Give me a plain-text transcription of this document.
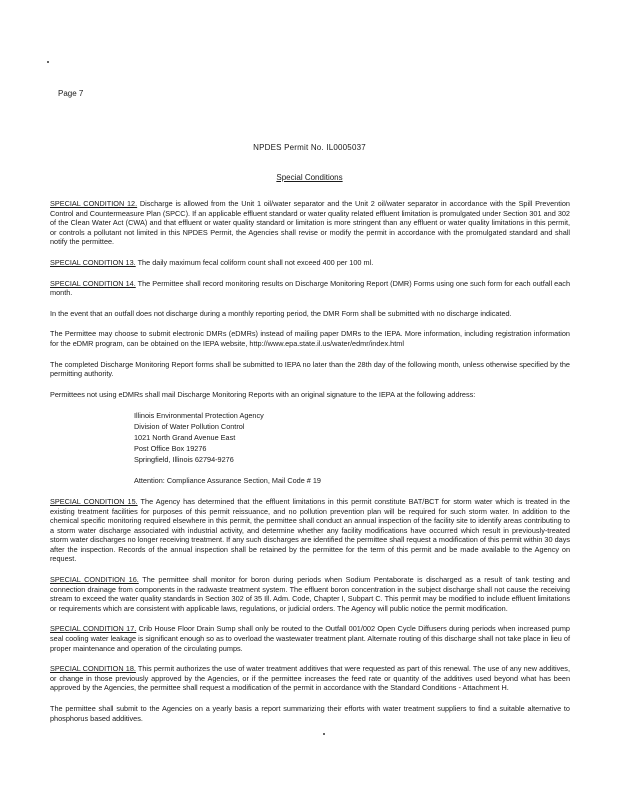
Page 7
NPDES Permit No. IL0005037
Special Conditions

SPECIAL CONDITION 12. Discharge is allowed from the Unit 1 oil/water separator and the Unit 2 oil/water separator in accordance with the Spill Prevention Control and Countermeasure Plan (SPCC). If an applicable effluent standard or water quality related effluent limitation is promulgated under Section 301 and 302 of the Clean Water Act (CWA) and that effluent or water quality standard or limitation is more stringent than any effluent or water quality limitations in this permit, or controls a pollutant not limited in this NPDES Permit, the Agencies shall revise or modify the permit in accordance with the promulgated standard and shall notify the permittee.

SPECIAL CONDITION 13. The daily maximum fecal coliform count shall not exceed 400 per 100 ml.

SPECIAL CONDITION 14. The Permittee shall record monitoring results on Discharge Monitoring Report (DMR) Forms using one such form for each outfall each month.

In the event that an outfall does not discharge during a monthly reporting period, the DMR Form shall be submitted with no discharge indicated.

The Permittee may choose to submit electronic DMRs (eDMRs) instead of mailing paper DMRs to the IEPA. More information, including registration information for the eDMR program, can be obtained on the IEPA website, http://www.epa.state.il.us/water/edmr/index.html

The completed Discharge Monitoring Report forms shall be submitted to IEPA no later than the 28th day of the following month, unless otherwise specified by the permitting authority.

Permittees not using eDMRs shall mail Discharge Monitoring Reports with an original signature to the IEPA at the following address:

Illinois Environmental Protection Agency
Division of Water Pollution Control
1021 North Grand Avenue East
Post Office Box 19276
Springfield, Illinois 62794-9276

Attention: Compliance Assurance Section, Mail Code # 19

SPECIAL CONDITION 15. The Agency has determined that the effluent limitations in this permit constitute BAT/BCT for storm water which is treated in the existing treatment facilities for purposes of this permit reissuance, and no pollution prevention plan will be required for such storm water. In addition to the chemical specific monitoring required elsewhere in this permit, the permittee shall conduct an annual inspection of the facility site to identify areas contributing to a storm water discharge associated with industrial activity, and determine whether any facility modifications have occurred which result in previously-treated storm water discharges no longer receiving treatment. If any such discharges are identified the permittee shall request a modification of this permit within 30 days after the inspection. Records of the annual inspection shall be retained by the permittee for the term of this permit and be made available to the Agency on request.

SPECIAL CONDITION 16. The permittee shall monitor for boron during periods when Sodium Pentaborate is discharged as a result of tank testing and connection drainage from components in the radwaste treatment system. The effluent boron concentration in the subject discharge shall not cause the receiving stream to exceed the water quality standards in Section 302 of 35 Ill. Adm. Code, Chapter I, Subpart C. This permit may be modified to include effluent limitations or requirements which are consistent with applicable laws, regulations, or judicial orders. The Agency will public notice the permit modification.

SPECIAL CONDITION 17. Crib House Floor Drain Sump shall only be routed to the Outfall 001/002 Open Cycle Diffusers during periods when increased pump seal cooling water leakage is significant enough so as to overload the wastewater treatment plant. Alternate routing of this discharge shall not take place in lieu of proper maintenance and operation of the circulating pumps.

SPECIAL CONDITION 18. This permit authorizes the use of water treatment additives that were requested as part of this renewal. The use of any new additives, or change in those previously approved by the Agencies, or if the permittee increases the feed rate or quantity of the additives used beyond what has been approved by the Agencies, the permittee shall request a modification of the permit in accordance with the Standard Conditions - Attachment H.

The permittee shall submit to the Agencies on a yearly basis a report summarizing their efforts with water treatment suppliers to find a suitable alternative to phosphorus based additives.
